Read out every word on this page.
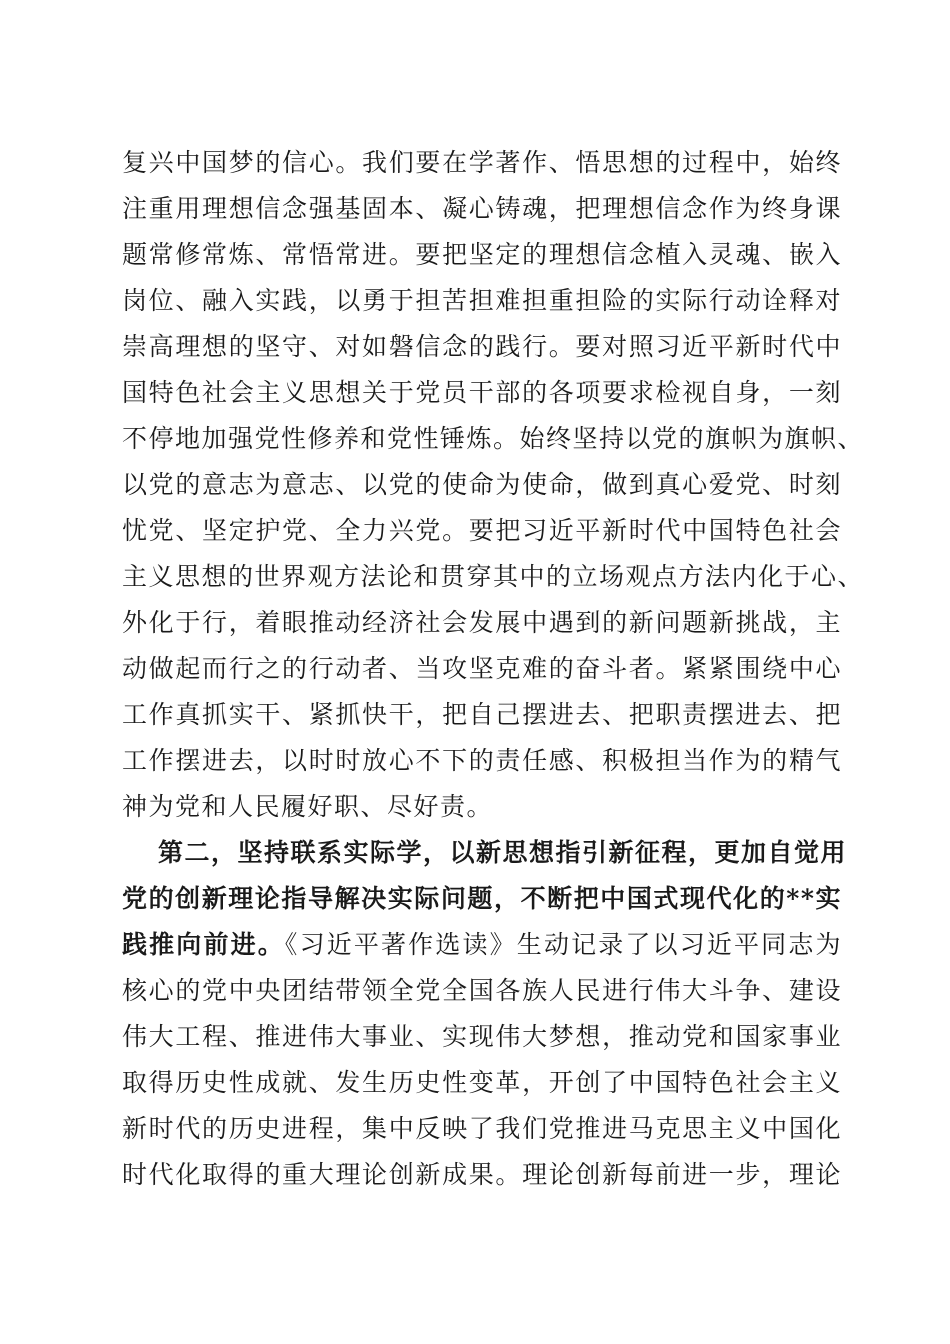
复兴中国梦的信心。我们要在学著作、悟思想的过程中，始终
注重用理想信念强基固本、凝心铸魂，把理想信念作为终身课
题常修常炼、常悟常进。要把坚定的理想信念植入灵魂、嵌入
岗位、融入实践，以勇于担苦担难担重担险的实际行动诠释对
崇高理想的坚守、对如磐信念的践行。要对照习近平新时代中
国特色社会主义思想关于党员干部的各项要求检视自身，一刻
不停地加强党性修养和党性锤炼。始终坚持以党的旗帜为旗帜、
以党的意志为意志、以党的使命为使命，做到真心爱党、时刻
忧党、坚定护党、全力兴党。要把习近平新时代中国特色社会
主义思想的世界观方法论和贯穿其中的立场观点方法内化于心、
外化于行，着眼推动经济社会发展中遇到的新问题新挑战，主
动做起而行之的行动者、当攻坚克难的奋斗者。紧紧围绕中心
工作真抓实干、紧抓快干，把自己摆进去、把职责摆进去、把
工作摆进去，以时时放心不下的责任感、积极担当作为的精气
神为党和人民履好职、尽好责。
第二，坚持联系实际学，以新思想指引新征程，更加自觉用
党的创新理论指导解决实际问题，不断把中国式现代化的**实
践推向前进。《习近平著作选读》生动记录了以习近平同志为
核心的党中央团结带领全党全国各族人民进行伟大斗争、建设
伟大工程、推进伟大事业、实现伟大梦想，推动党和国家事业
取得历史性成就、发生历史性变革，开创了中国特色社会主义
新时代的历史进程，集中反映了我们党推进马克思主义中国化
时代化取得的重大理论创新成果。理论创新每前进一步，理论
